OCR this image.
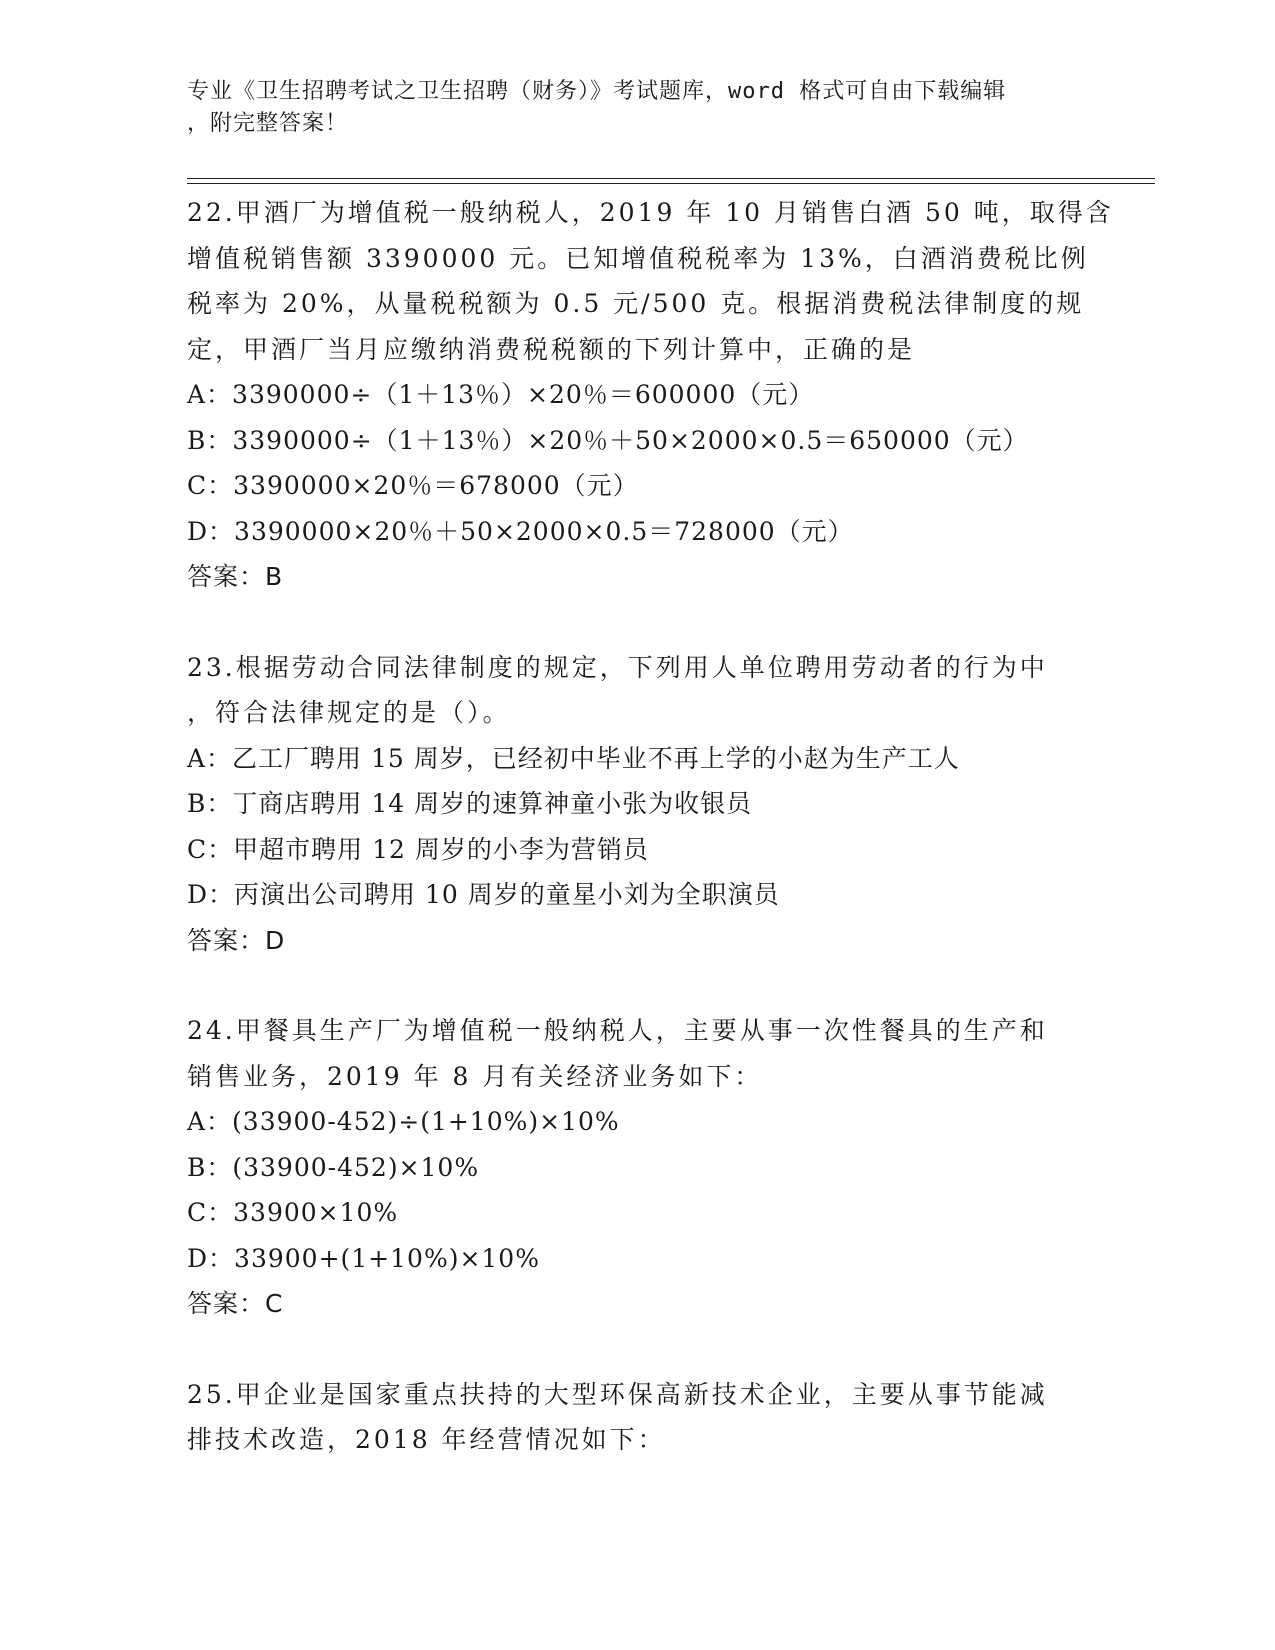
专业《卫生招聘考试之卫生招聘（财务）》考试题库，word 格式可自由下载编辑
，附完整答案！
22.甲酒厂为增值税一般纳税人，2019 年 10 月销售白酒 50 吨，取得含
增值税销售额 3390000 元。已知增值税税率为 13%，白酒消费税比例
税率为 20%，从量税税额为 0.5 元/500 克。根据消费税法律制度的规
定，甲酒厂当月应缴纳消费税税额的下列计算中，正确的是
A：3390000÷（1＋13％）×20％＝600000（元）
B：3390000÷（1＋13％）×20％＋50×2000×0.5＝650000（元）
C：3390000×20％＝678000（元）
D：3390000×20％＋50×2000×0.5＝728000（元）
答案：B
23.根据劳动合同法律制度的规定，下列用人单位聘用劳动者的行为中
，符合法律规定的是（）。
A：乙工厂聘用 15 周岁，已经初中毕业不再上学的小赵为生产工人
B：丁商店聘用 14 周岁的速算神童小张为收银员
C：甲超市聘用 12 周岁的小李为营销员
D：丙演出公司聘用 10 周岁的童星小刘为全职演员
答案：D
24.甲餐具生产厂为增值税一般纳税人，主要从事一次性餐具的生产和
销售业务，2019 年 8 月有关经济业务如下：
A：(33900-452)÷(1+10%)×10%
B：(33900-452)×10%
C：33900×10%
D：33900+(1+10%)×10%
答案：C
25.甲企业是国家重点扶持的大型环保高新技术企业，主要从事节能减
排技术改造，2018 年经营情况如下：
